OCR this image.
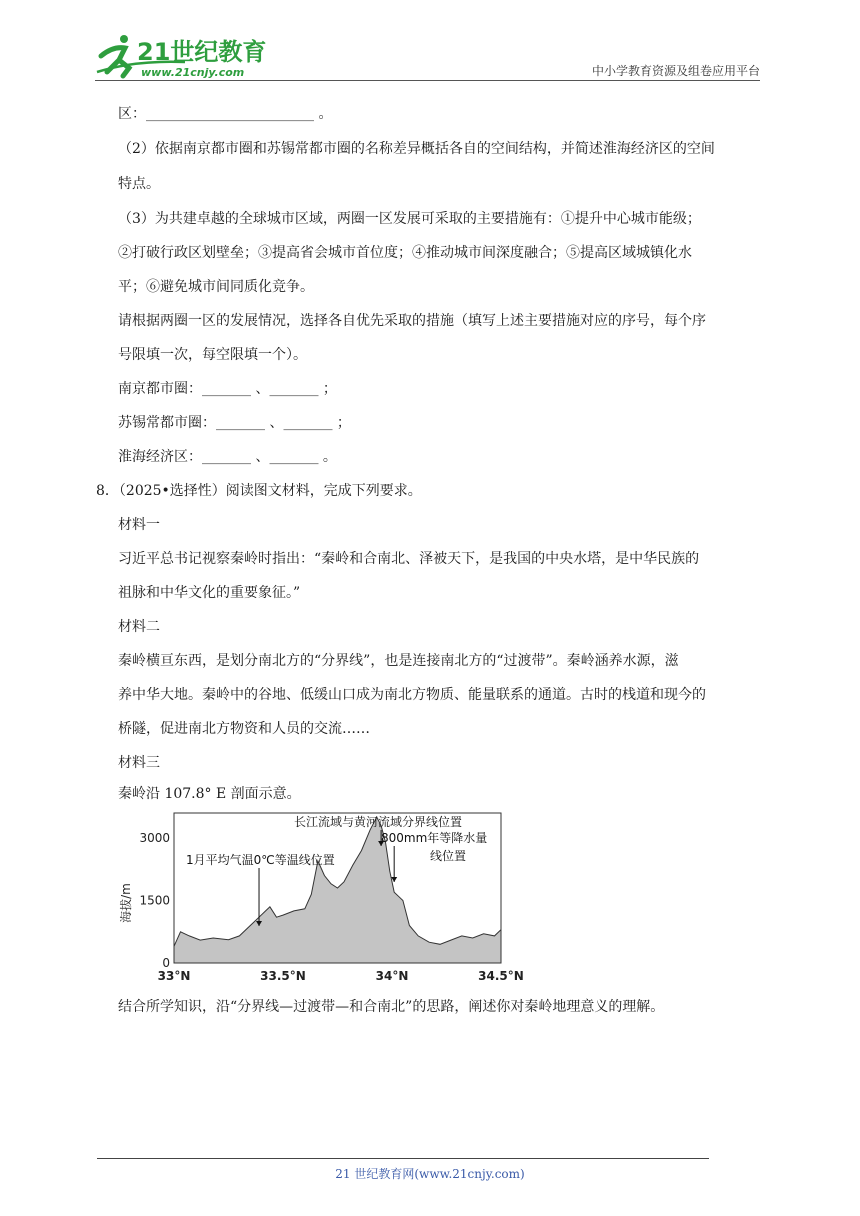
21世纪教育
www.21cnjy.com	中小学教育资源及组卷应用平台
区：________________________ 。
（2）依据南京都市圈和苏锡常都市圈的名称差异概括各自的空间结构，并简述淮海经济区的空间
特点。
（3）为共建卓越的全球城市区域，两圈一区发展可采取的主要措施有：①提升中心城市能级；
②打破行政区划壁垒；③提高省会城市首位度；④推动城市间深度融合；⑤提高区域城镇化水
平；⑥避免城市间同质化竞争。
请根据两圈一区的发展情况，选择各自优先采取的措施（填写上述主要措施对应的序号，每个序
号限填一次，每空限填一个）。
南京都市圈：_______ 、_______ ；
苏锡常都市圈：_______ 、_______ ；
淮海经济区：_______ 、_______ 。
8．（2025•选择性）阅读图文材料，完成下列要求。
材料一
习近平总书记视察秦岭时指出：“秦岭和合南北、泽被天下，是我国的中央水塔，是中华民族的
祖脉和中华文化的重要象征。”
材料二
秦岭横亘东西，是划分南北方的“分界线”，也是连接南北方的“过渡带”。秦岭涵养水源，滋
养中华大地。秦岭中的谷地、低缓山口成为南北方物质、能量联系的通道。古时的栈道和现今的
桥隧，促进南北方物资和人员的交流……
材料三
秦岭沿 107.8° E 剖面示意。
0
1500
3000
33°N	33.5°N	34°N	34.5°N
1月平均气温0℃等温线位置
长江流域与黄河流域分界线位置
800mm年等降水量
线位置
海拔/m
结合所学知识，沿“分界线—过渡带—和合南北”的思路，阐述你对秦岭地理意义的理解。
21 世纪教育网(www.21cnjy.com)
